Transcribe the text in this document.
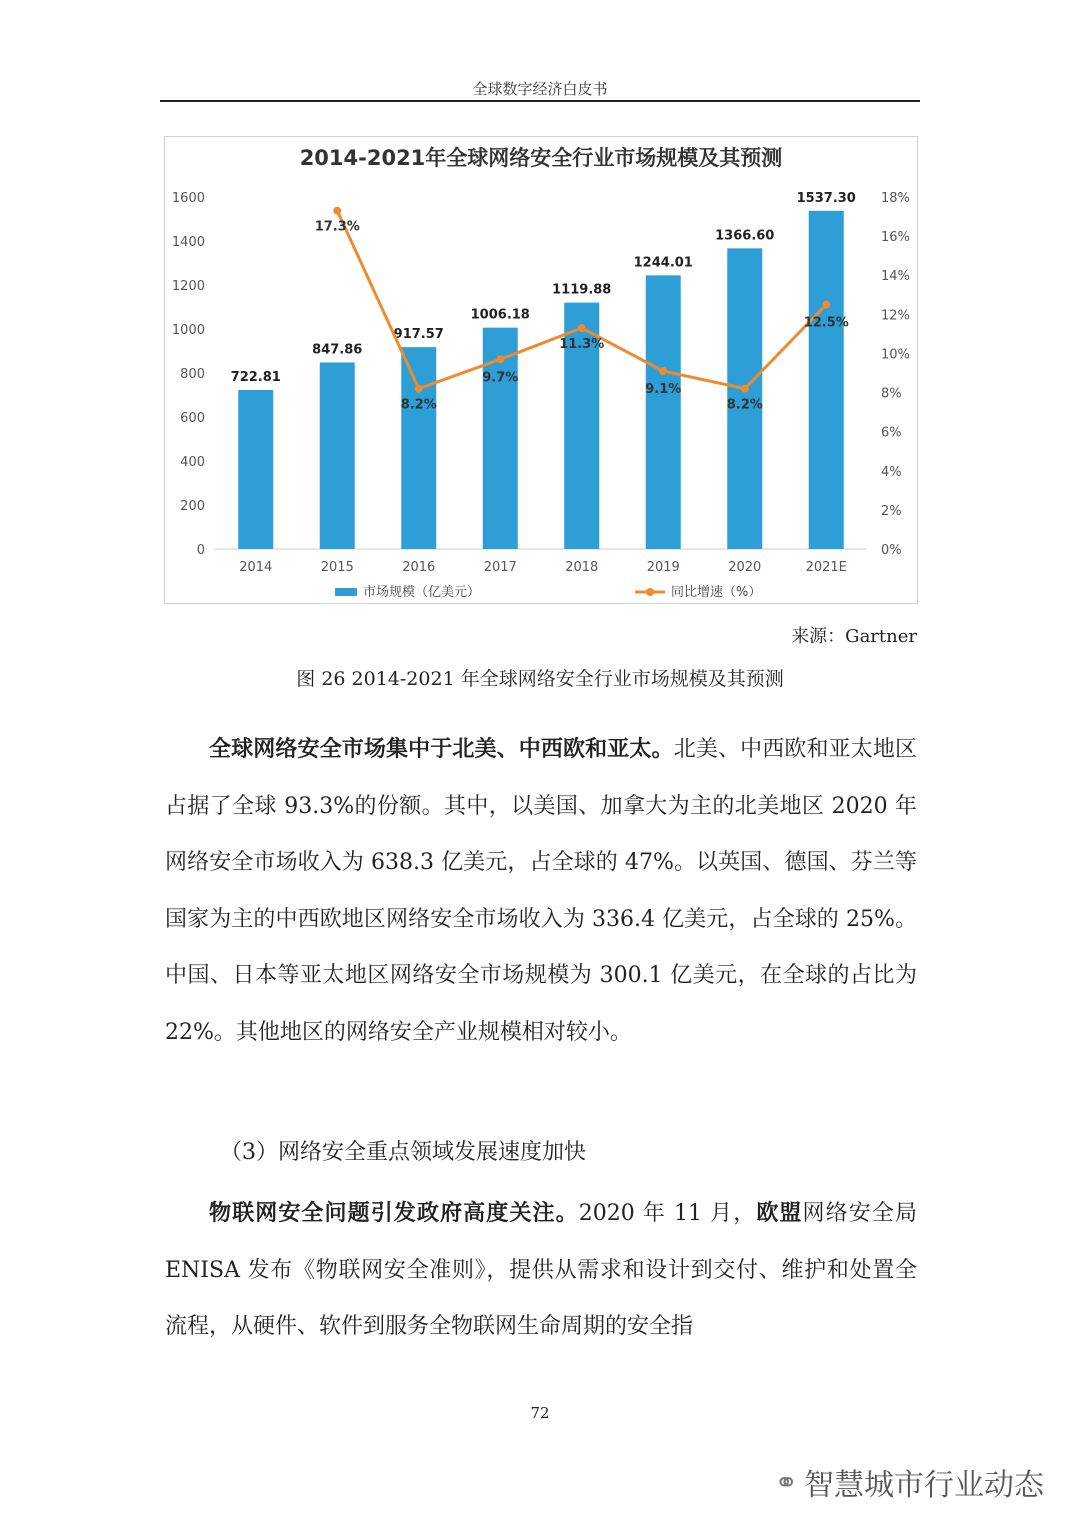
全球数字经济白皮书
2014-2021年全球网络安全行业市场规模及其预测
0
200
400
600
800
1000
1200
1400
1600
0%
2%
4%
6%
8%
10%
12%
14%
16%
18%
722.81
847.86
917.57
1006.18
1119.88
1244.01
1366.60
1537.30
2014	2015	2016	2017	2018	2019	2020	2021E
17.3%
8.2%
9.7%
11.3%
9.1%
8.2%
12.5%
市场规模（亿美元）	同比增速（%）
来源：Gartner
图 26 2014-2021 年全球网络安全行业市场规模及其预测

全球网络安全市场集中于北美、中西欧和亚太。北美、中西欧和亚太地区占据了全球 93.3%的份额。其中，以美国、加拿大为主的北美地区 2020 年网络安全市场收入为 638.3 亿美元，占全球的 47%。以英国、德国、芬兰等国家为主的中西欧地区网络安全市场收入为 336.4 亿美元，占全球的 25%。中国、日本等亚太地区网络安全市场规模为 300.1 亿美元，在全球的占比为 22%。其他地区的网络安全产业规模相对较小。

（3）网络安全重点领域发展速度加快

物联网安全问题引发政府高度关注。2020 年 11 月，欧盟网络安全局 ENISA 发布《物联网安全准则》，提供从需求和设计到交付、维护和处置全流程，从硬件、软件到服务全物联网生命周期的安全指

72
⚭ 智慧城市行业动态
